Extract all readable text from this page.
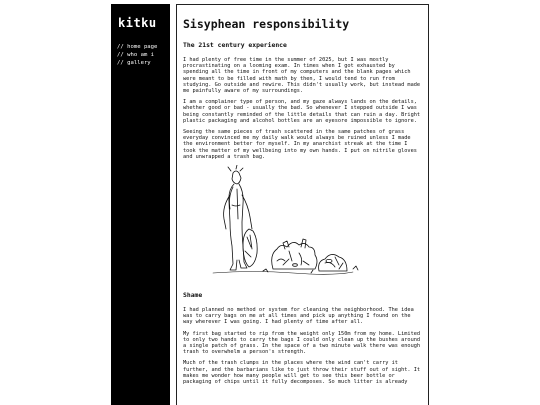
kitku
// home page
// who am i
// gallery
Sisyphean responsibility
The 21st century experience

I had plenty of free time in the summer of 2025, but I was mostly procrastinating on a looming exam. In times when I got exhausted by spending all the time in front of my computers and the blank pages which were meant to be filled with math by then, I would tend to run from studying. Go outside and rewire. This didn't usually work, but instead made me painfully aware of my surroundings.

I am a complainer type of person, and my gaze always lands on the details, whether good or bad - usually the bad. So whenever I stepped outside I was being constantly reminded of the little details that can ruin a day. Bright plastic packaging and alcohol bottles are an eyesore impossible to ignore.

Seeing the same pieces of trash scattered in the same patches of grass everyday convinced me my daily walk would always be ruined unless I made the environment better for myself. In my anarchist streak at the time I took the matter of my wellbeing into my own hands. I put on nitrile gloves and unwrapped a trash bag.

Shame

I had planned no method or system for cleaning the neighborhood. The idea was to carry bags on me at all times and pick up anything I found on the way wherever I was going. I had plenty of time after all.

My first bag started to rip from the weight only 150m from my home. Limited to only two hands to carry the bags I could only clean up the bushes around a single patch of grass. In the space of a two minute walk there was enough trash to overwhelm a person's strength.

Much of the trash clumps in the places where the wind can't carry it further, and the barbarians like to just throw their stuff out of sight. It makes me wonder how many people will get to see this beer bottle or packaging of chips until it fully decomposes. So much litter is already
